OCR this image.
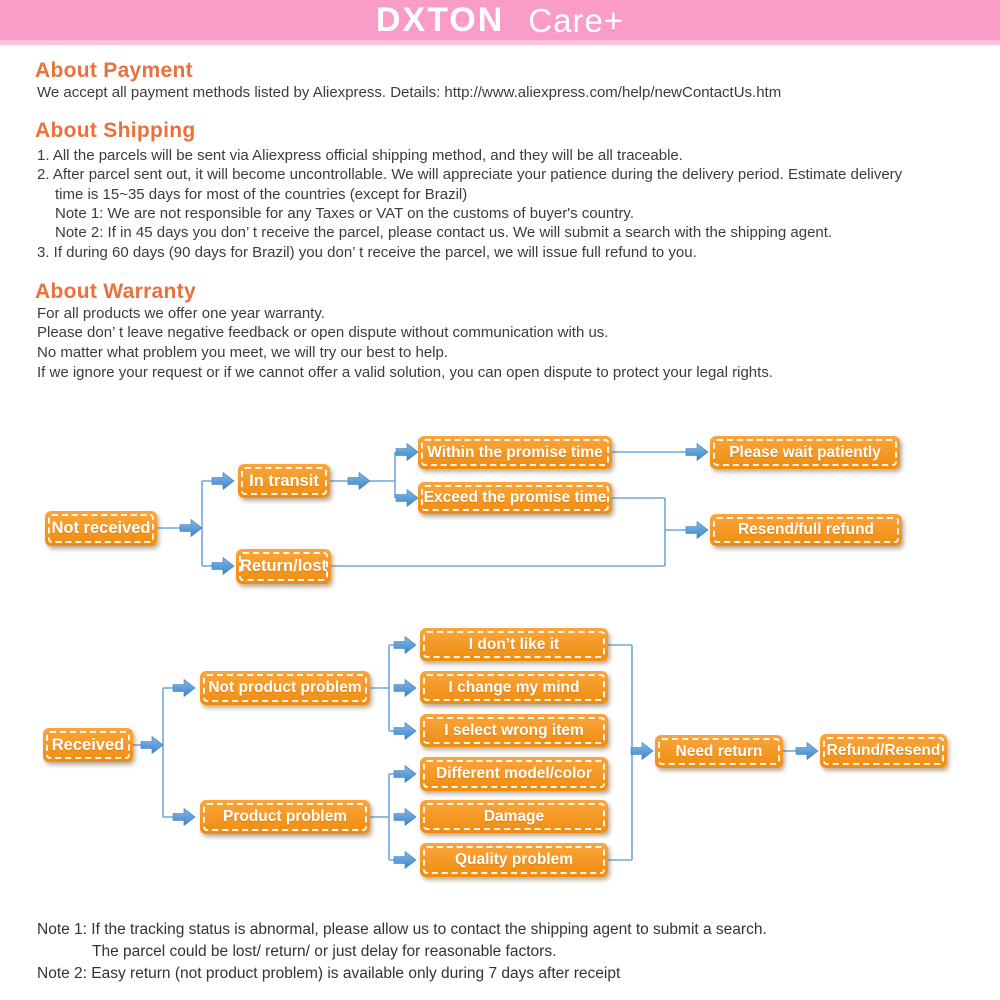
DXTON Care+
About Payment
We accept all payment methods listed by Aliexpress. Details: http://www.aliexpress.com/help/newContactUs.htm
About Shipping
1. All the parcels will be sent via Aliexpress official shipping method, and they will be all traceable.
2. After parcel sent out, it will become uncontrollable. We will appreciate your patience during the delivery period. Estimate delivery
time is 15~35 days for most of the countries (except for Brazil)
Note 1: We are not responsible for any Taxes or VAT on the customs of buyer's country.
Note 2: If in 45 days you don’ t receive the parcel, please contact us. We will submit a search with the shipping agent.
3. If during 60 days (90 days for Brazil) you don’ t receive the parcel, we will issue full refund to you.
About Warranty
For all products we offer one year warranty.
Please don’ t leave negative feedback or open dispute without communication with us.
No matter what problem you meet, we will try our best to help.
If we ignore your request or if we cannot offer a valid solution, you can open dispute to protect your legal rights.
Not received
In transit
Return/lost
Within the promise time
Exceed the promise time
Please wait patiently
Resend/full refund
Received
Not product problem
Product problem
I don’t like it
I change my mind
I select wrong item
Different model/color
Damage
Quality problem
Need return	Refund/Resend
Note 1: If the tracking status is abnormal, please allow us to contact the shipping agent to submit a search.
The parcel could be lost/ return/ or just delay for reasonable factors.
Note 2: Easy return (not product problem) is available only during 7 days after receipt
